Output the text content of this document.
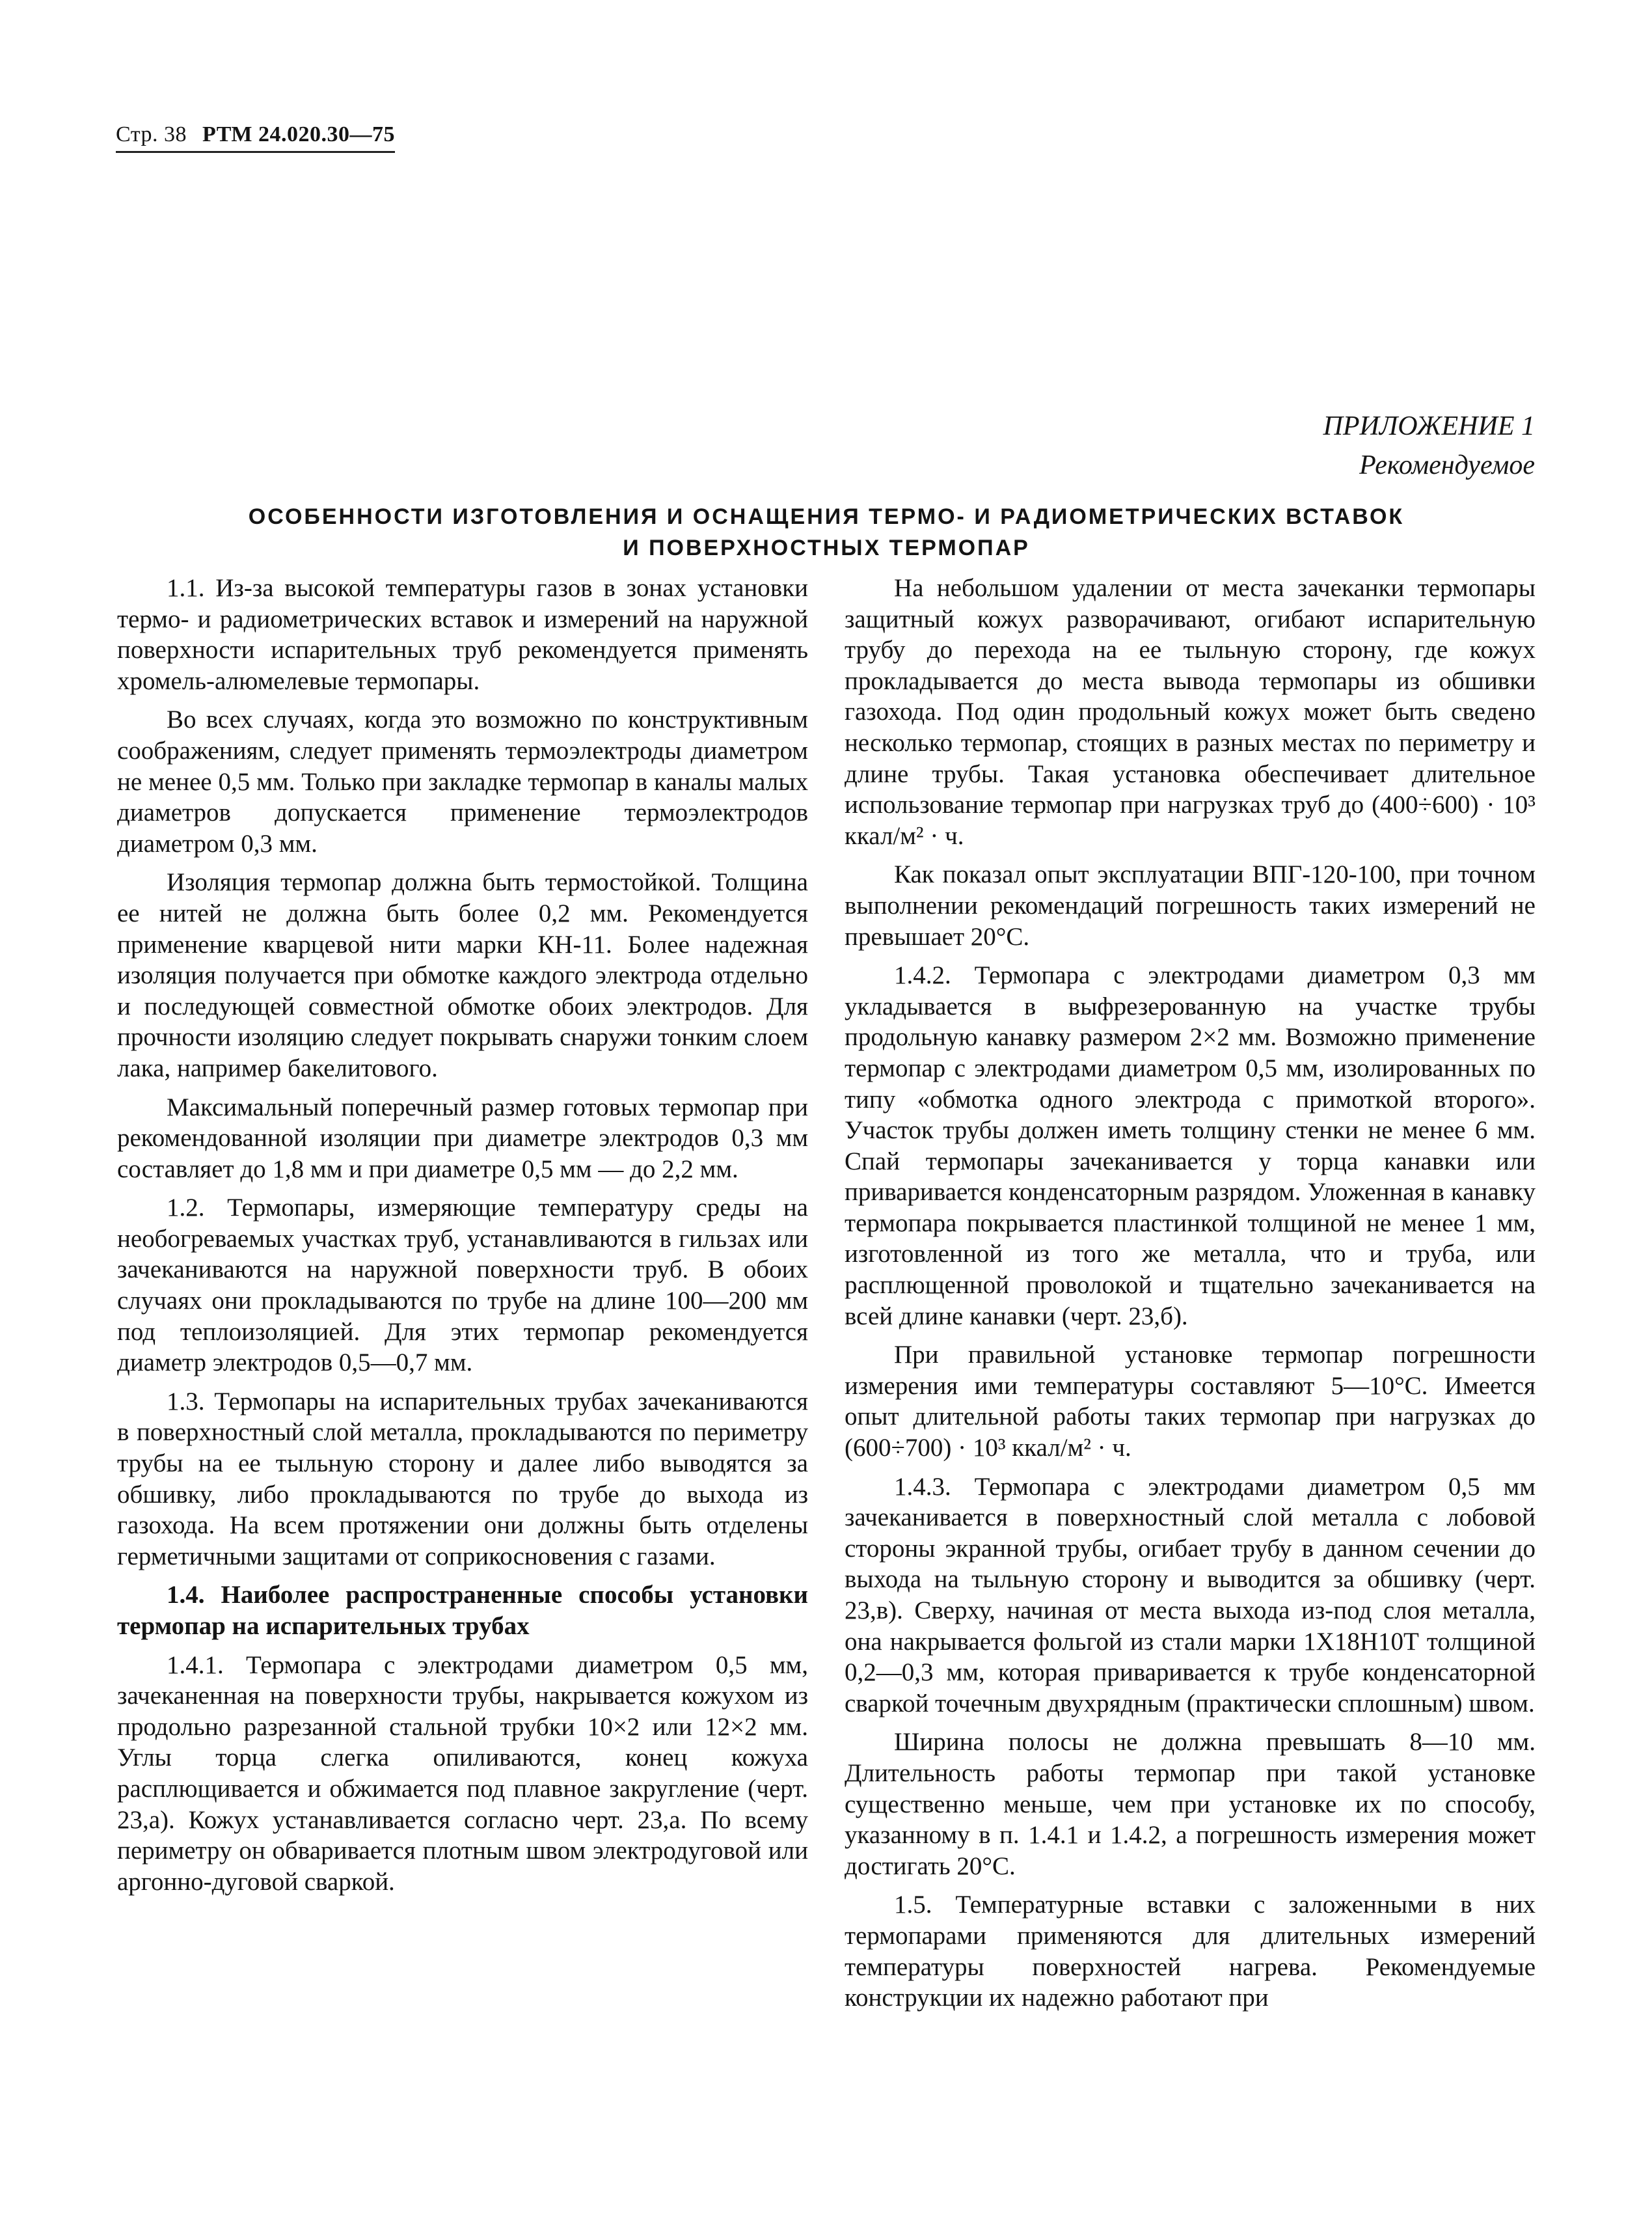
Стр. 38 РТМ 24.020.30—75
ПРИЛОЖЕНИЕ 1
Рекомендуемое
ОСОБЕННОСТИ ИЗГОТОВЛЕНИЯ И ОСНАЩЕНИЯ ТЕРМО- И РАДИОМЕТРИЧЕСКИХ ВСТАВОК
И ПОВЕРХНОСТНЫХ ТЕРМОПАР

1.1. Из-за высокой температуры газов в зонах установки термо- и радиометрических вставок и измерений на наружной поверхности испарительных труб рекомендуется применять хромель-алюмелевые термопары.

Во всех случаях, когда это возможно по конструктивным соображениям, следует применять термоэлектроды диаметром не менее 0,5 мм. Только при закладке термопар в каналы малых диаметров допускается применение термоэлектродов диаметром 0,3 мм.

Изоляция термопар должна быть термостойкой. Толщина ее нитей не должна быть более 0,2 мм. Рекомендуется применение кварцевой нити марки КН-11. Более надежная изоляция получается при обмотке каждого электрода отдельно и последующей совместной обмотке обоих электродов. Для прочности изоляцию следует покрывать снаружи тонким слоем лака, например бакелитового.

Максимальный поперечный размер готовых термопар при рекомендованной изоляции при диаметре электродов 0,3 мм составляет до 1,8 мм и при диаметре 0,5 мм — до 2,2 мм.

1.2. Термопары, измеряющие температуру среды на необогреваемых участках труб, устанавливаются в гильзах или зачеканиваются на наружной поверхности труб. В обоих случаях они прокладываются по трубе на длине 100—200 мм под теплоизоляцией. Для этих термопар рекомендуется диаметр электродов 0,5—0,7 мм.

1.3. Термопары на испарительных трубах зачеканиваются в поверхностный слой металла, прокладываются по периметру трубы на ее тыльную сторону и далее либо выводятся за обшивку, либо прокладываются по трубе до выхода из газохода. На всем протяжении они должны быть отделены герметичными защитами от соприкосновения с газами.

1.4. Наиболее распространенные способы установки термопар на испарительных трубах

1.4.1. Термопара с электродами диаметром 0,5 мм, зачеканенная на поверхности трубы, накрывается кожухом из продольно разрезанной стальной трубки 10×2 или 12×2 мм. Углы торца слегка опиливаются, конец кожуха расплющивается и обжимается под плавное закругление (черт. 23,а). Кожух устанавливается согласно черт. 23,а. По всему периметру он обваривается плотным швом электродуговой или аргонно-дуговой сваркой.

На небольшом удалении от места зачеканки термопары защитный кожух разворачивают, огибают испарительную трубу до перехода на ее тыльную сторону, где кожух прокладывается до места вывода термопары из обшивки газохода. Под один продольный кожух может быть сведено несколько термопар, стоящих в разных местах по периметру и длине трубы. Такая установка обеспечивает длительное использование термопар при нагрузках труб до (400÷600) · 10³ ккал/м² · ч.

Как показал опыт эксплуатации ВПГ-120-100, при точном выполнении рекомендаций погрешность таких измерений не превышает 20°С.

1.4.2. Термопара с электродами диаметром 0,3 мм укладывается в выфрезерованную на участке трубы продольную канавку размером 2×2 мм. Возможно применение термопар с электродами диаметром 0,5 мм, изолированных по типу «обмотка одного электрода с примоткой второго». Участок трубы должен иметь толщину стенки не менее 6 мм. Спай термопары зачеканивается у торца канавки или приваривается конденсаторным разрядом. Уложенная в канавку термопара покрывается пластинкой толщиной не менее 1 мм, изготовленной из того же металла, что и труба, или расплющенной проволокой и тщательно зачеканивается на всей длине канавки (черт. 23,б).

При правильной установке термопар погрешности измерения ими температуры составляют 5—10°С. Имеется опыт длительной работы таких термопар при нагрузках до (600÷700) · 10³ ккал/м² · ч.

1.4.3. Термопара с электродами диаметром 0,5 мм зачеканивается в поверхностный слой металла с лобовой стороны экранной трубы, огибает трубу в данном сечении до выхода на тыльную сторону и выводится за обшивку (черт. 23,в). Сверху, начиная от места выхода из-под слоя металла, она накрывается фольгой из стали марки 1Х18Н10Т толщиной 0,2—0,3 мм, которая приваривается к трубе конденсаторной сваркой точечным двухрядным (практически сплошным) швом.

Ширина полосы не должна превышать 8—10 мм. Длительность работы термопар при такой установке существенно меньше, чем при установке их по способу, указанному в п. 1.4.1 и 1.4.2, а погрешность измерения может достигать 20°С.

1.5. Температурные вставки с заложенными в них термопарами применяются для длительных измерений температуры поверхностей нагрева. Рекомендуемые конструкции их надежно работают при
